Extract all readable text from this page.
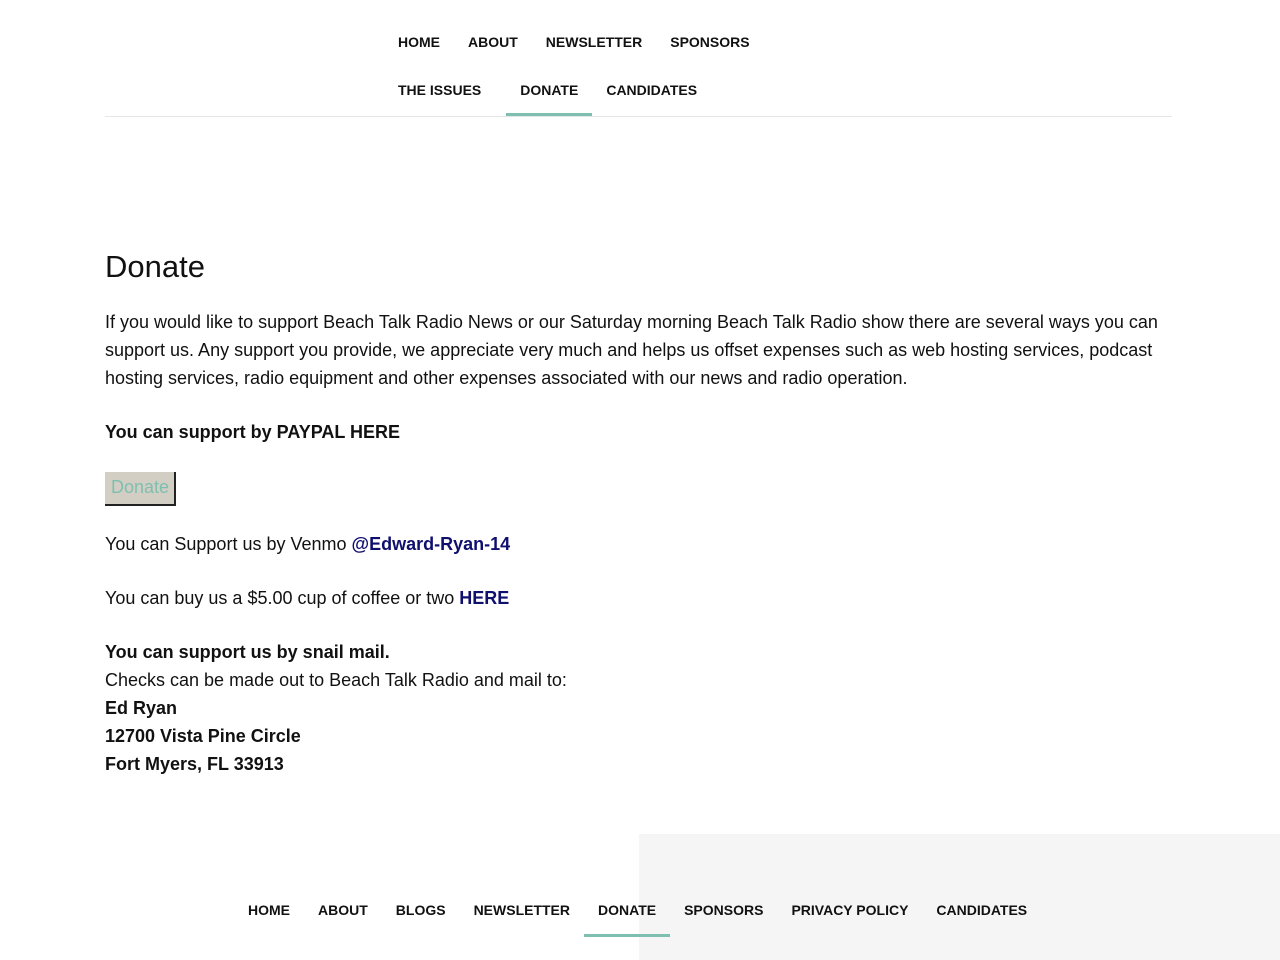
HOME	ABOUT	NEWSLETTER	SPONSORS
THE ISSUES	DONATE	CANDIDATES
Donate

If you would like to support Beach Talk Radio News or our Saturday morning Beach Talk Radio show there are several ways you can support us. Any support you provide, we appreciate very much and helps us offset expenses such as web hosting services, podcast hosting services, radio equipment and other expenses associated with our news and radio operation.

You can support by PAYPAL HERE

Donate

You can Support us by Venmo @Edward-Ryan-14

You can buy us a $5.00 cup of coffee or two HERE

You can support us by snail mail.

Checks can be made out to Beach Talk Radio and mail to:

Ed Ryan

12700 Vista Pine Circle

Fort Myers, FL 33913

HOME	ABOUT	BLOGS	NEWSLETTER	DONATE	SPONSORS	PRIVACY POLICY	CANDIDATES
